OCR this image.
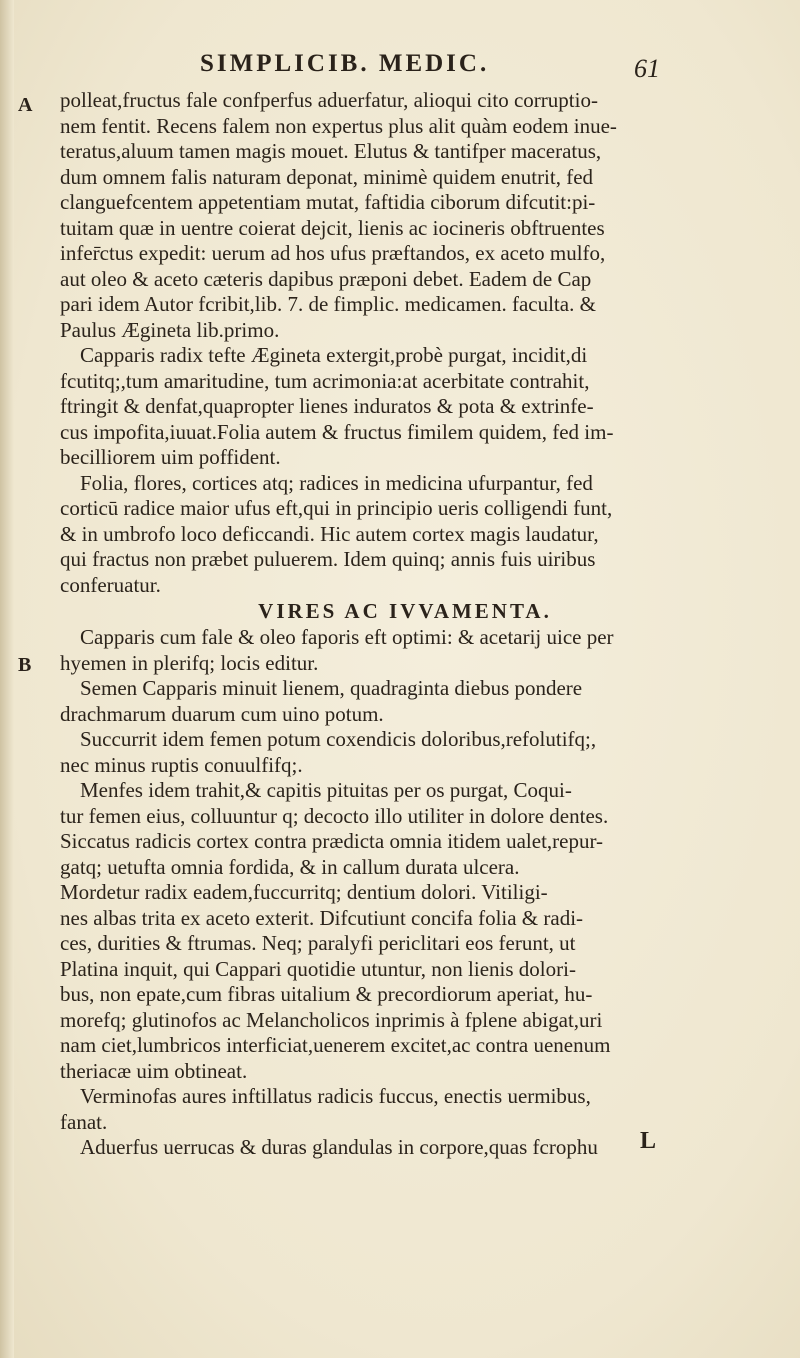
SIMPLICIB. MEDIC.	61
A
B
polleat,fructus fale confperfus aduerfatur, alioqui cito corruptio-
nem fentit. Recens falem non expertus plus alit quàm eodem inue-
teratus,aluum tamen magis mouet. Elutus & tantifper maceratus,
dum omnem falis naturam deponat, minimè quidem enutrit, fed
clanguefcentem appetentiam mutat, faftidia ciborum difcutit:pi-
tuitam quæ in uentre coierat dejcit, lienis ac iocineris obftruentes
infer̄ctus expedit: uerum ad hos ufus præftandos, ex aceto mulfo,
aut oleo & aceto cæteris dapibus præponi debet. Eadem de Cap
pari idem Autor fcribit,lib. 7. de fimplic. medicamen. faculta. &
Paulus Æginetа lib.primo.
Capparis radix tefte Æginetа extergit,probè purgat, incidit,di
fcutitq;,tum amaritudine, tum acrimonia:at acerbitate contrahit,
ftringit & denfat,quapropter lienes induratos & pota & extrinfe-
cus impofita,iuuat.Folia autem & fructus fimilem quidem, fed im-
becilliorem uim poffident.
Folia, flores, cortices atq; radices in medicina ufurpantur, fed
corticū radice maior ufus eft,qui in principio ueris colligendi funt,
& in umbrofo loco deficcandi. Hic autem cortex magis laudatur,
qui fractus non præbet puluerem. Idem quinq; annis fuis uiribus
conferuatur.
VIRES AC IVVAMENTA.
Capparis cum fale & oleo faporis eft optimi: & acetarij uice per
hyemen in plerifq; locis editur.
Semen Capparis minuit lienem, quadraginta diebus pondere
drachmarum duarum cum uino potum.
Succurrit idem femen potum coxendicis doloribus,refolutifq;,
nec minus ruptis conuulfifq;.
Menfes idem trahit,& capitis pituitas per os purgat, Coqui-
tur femen eius, colluuntur q; decocto illo utiliter in dolore dentes.
Siccatus radicis cortex contra prædicta omnia itidem ualet,repur-
gatq; uetufta omnia fordida, & in callum durata ulcera.
Mordetur radix eadem,fuccurritq; dentium dolori. Vitiligi-
nes albas trita ex aceto exterit. Difcutiunt concifa folia & radi-
ces, durities & ftrumas. Neq; paralyfi periclitari eos ferunt, ut
Platina inquit, qui Cappari quotidie utuntur, non lienis dolori-
bus, non epate,cum fibras uitalium & precordiorum aperiat, hu-
morefq; glutinofos ac Melancholicos inprimis à fplene abigat,uri
nam ciet,lumbricos interficiat,uenerem excitet,ac contra uenenum
theriacæ uim obtineat.
Verminofas aures inftillatus radicis fuccus, enectis uermibus,
fanat.
Aduerfus uerrucas & duras glandulas in corpore,quas fcrophu	L
